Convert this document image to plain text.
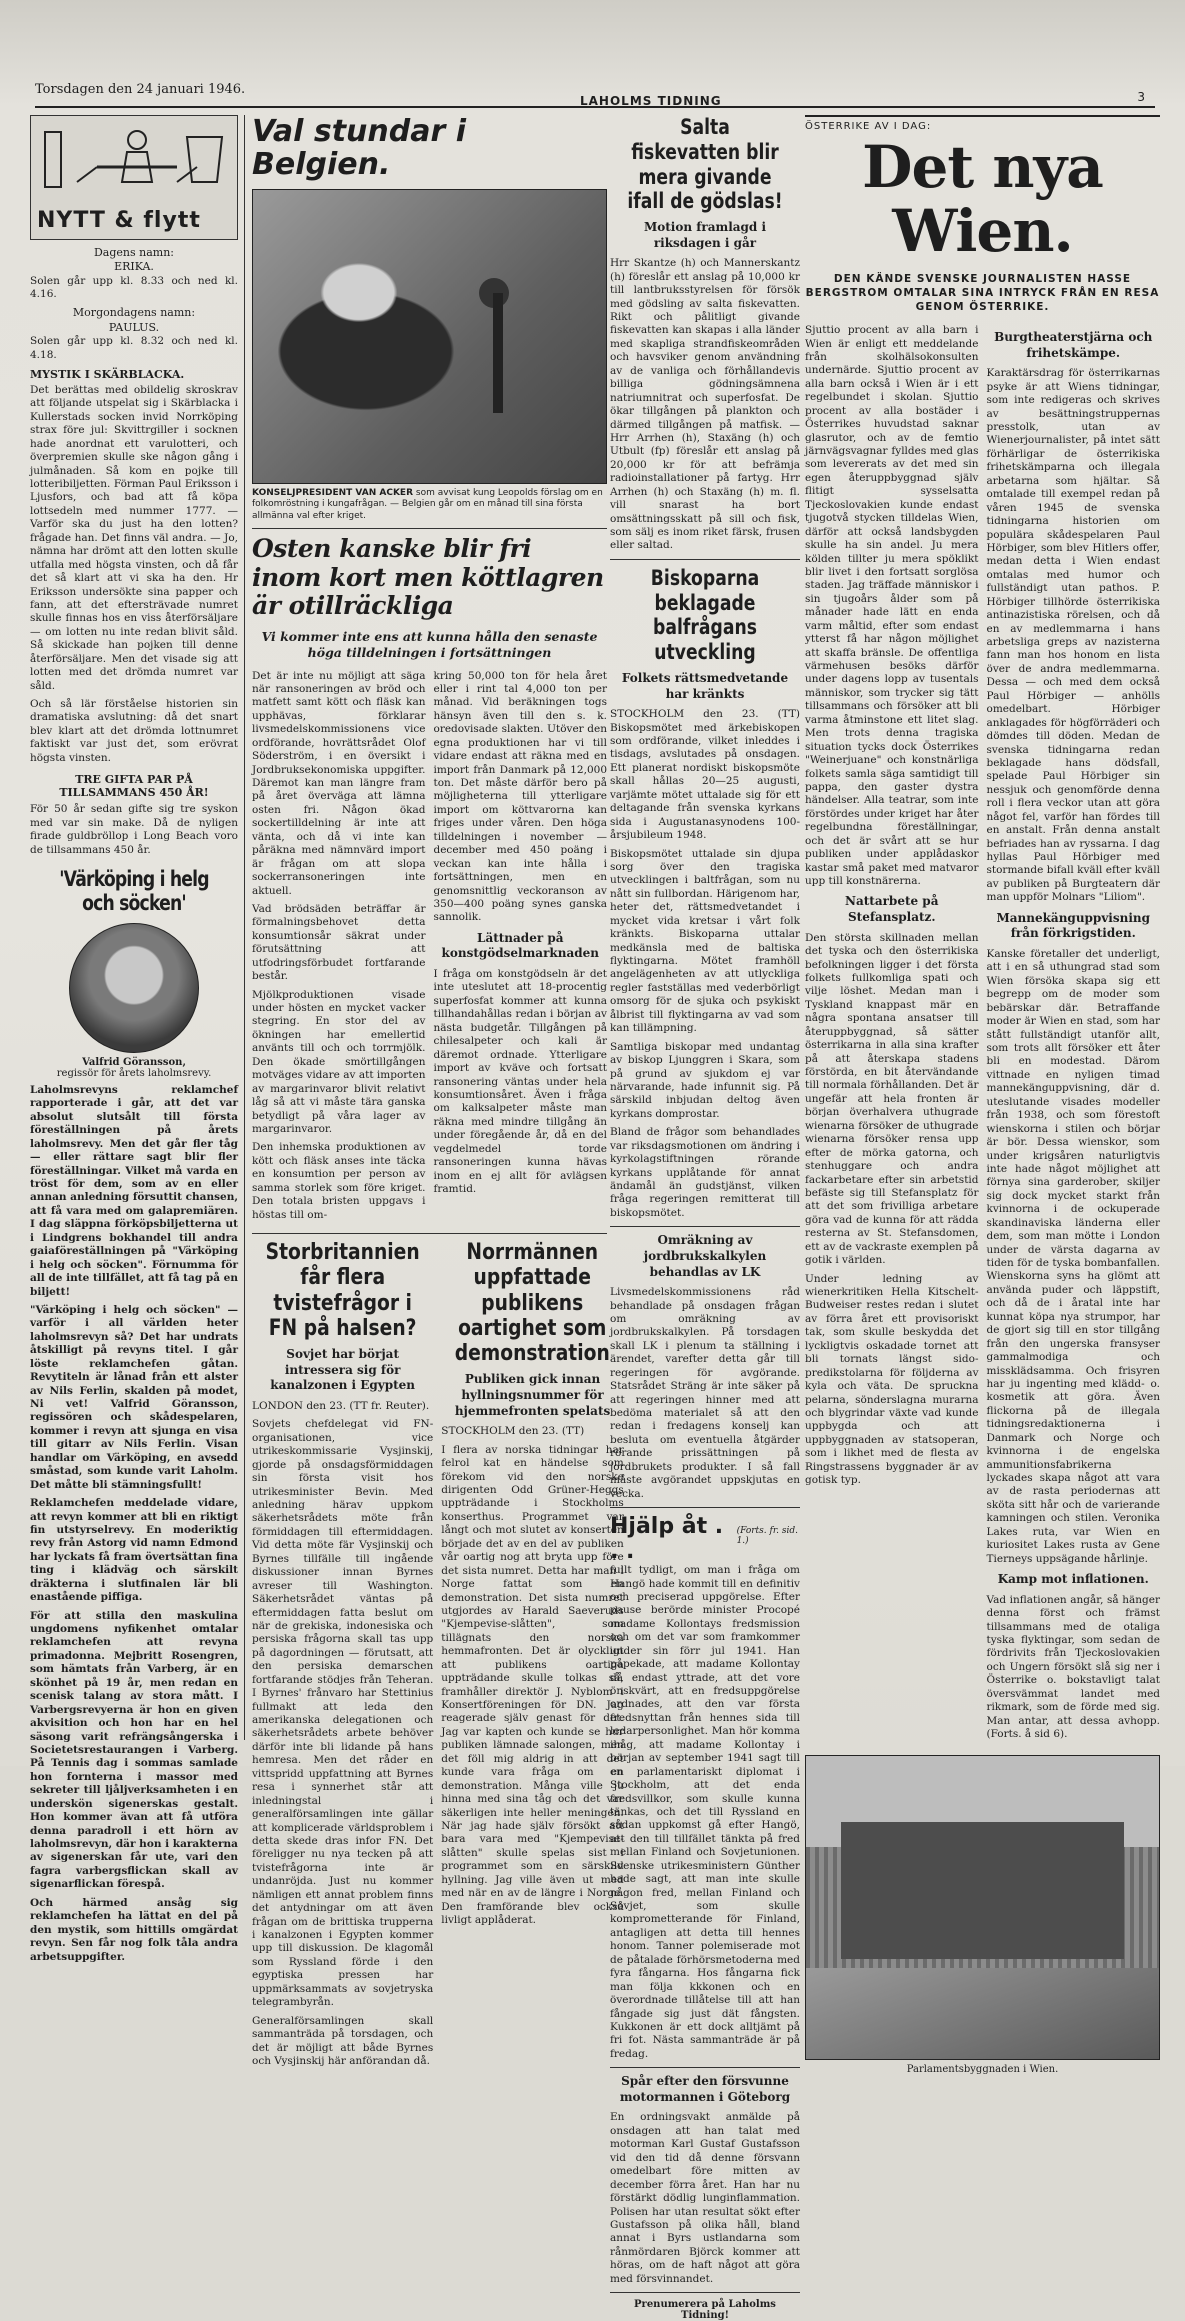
Torsdagen den 24 januari 1946.
LAHOLMS TIDNING	3
NYTT & flytt
Dagens namn:
ERIKA.

Solen går upp kl. 8.33 och ned kl. 4.16.

Morgondagens namn:
PAULUS.

Solen går upp kl. 8.32 och ned kl. 4.18.

MYSTIK I SKÄRBLACKA.

Det berättas med obildelig skroskrav att följande utspelat sig i Skärblacka i Kullerstads socken invid Norrköping strax före jul: Skvittrgiller i socknen hade anordnat ett varulotteri, och överpremien skulle ske någon gång i julmånaden. Så kom en pojke till lotteribiljetten. Förman Paul Eriksson i Ljusfors, och bad att få köpa lottsedeln med nummer 1777. — Varför ska du just ha den lotten? frågade han. Det finns väl andra. — Jo, nämna har drömt att den lotten skulle utfalla med högsta vinsten, och då får det så klart att vi ska ha den. Hr Eriksson undersökte sina papper och fann, att det eftersträvade numret skulle finnas hos en viss återförsäljare — om lotten nu inte redan blivit såld. Så skickade han pojken till denne återförsäljare. Men det visade sig att lotten med det drömda numret var såld.

Och så lär förståelse historien sin dramatiska avslutning: då det snart blev klart att det drömda lottnumret faktiskt var just det, som erövrat högsta vinsten.

TRE GIFTA PAR PÅ TILLSAMMANS 450 ÅR!

För 50 år sedan gifte sig tre syskon med var sin make. Då de nyligen firade guldbröllop i Long Beach voro de tillsammans 450 år.

'Värköping i helg och söcken'
Valfrid Göransson,
regissör för årets laholmsrevy.

Laholmsrevyns reklamchef rapporterade i går, att det var absolut slutsålt till första föreställningen på årets laholmsrevy. Men det går fler tåg — eller rättare sagt blir fler föreställningar. Vilket må varda en tröst för dem, som av en eller annan anledning försuttit chansen, att få vara med om galapremiären. I dag släppna förköpsbiljetterna ut i Lindgrens bokhandel till andra gaiaföreställningen på "Värköping i helg och söcken". Förnumma för all de inte tillfället, att få tag på en biljett!

"Värköping i helg och söcken" — varför i all världen heter laholmsrevyn så? Det har undrats åtskilligt på revyns titel. I går löste reklamchefen gåtan. Revytiteln är lånad från ett alster av Nils Ferlin, skalden på modet, Ni vet! Valfrid Göransson, regissören och skådespelaren, kommer i revyn att sjunga en visa till gitarr av Nils Ferlin. Visan handlar om Värköping, en avsedd småstad, som kunde varit Laholm. Det måtte bli stämningsfullt!

Reklamchefen meddelade vidare, att revyn kommer att bli en riktigt fin utstyrselrevy. En moderiktig revy från Astorg vid namn Edmond har lyckats få fram övertsättan fina ting i klädväg och särskilt dräkterna i slutfinalen lär bli enastående piffiga.

För att stilla den maskulina ungdomens nyfikenhet omtalar reklamchefen att revyna primadonna. Mejbritt Rosengren, som hämtats från Varberg, är en skönhet på 19 år, men redan en scenisk talang av stora mått. I Varbergsrevyerna är hon en given akvisition och hon har en hel säsong varit refrängsångerska i Societetsrestaurangen i Varberg. På Tennis dag i sommas samlade hon fornterna i massor med sekreter till ljåljverksamheten i en underskön sigenerskas gestalt. Hon kommer ävan att få utföra denna paradroll i ett hörn av laholmsrevyn, där hon i karakterna av sigenerskan får ute, vari den fagra varbergsflickan skall av sigenarflickan förespå.

Och härmed ansåg sig reklamchefen ha lättat en del på den mystik, som hittills omgärdat revyn. Sen får nog folk tåla andra arbetsuppgifter.

Val stundar i Belgien.
KONSELJPRESIDENT VAN ACKER som avvisat kung Leopolds förslag om en folkomröstning i kungafrågan. — Belgien går om en månad till sina första allmänna val efter kriget.
Osten kanske blir fri inom kort men köttlagren är otillräckliga
Vi kommer inte ens att kunna hålla den senaste höga tilldelningen i fortsättningen

Det är inte nu möjligt att säga när ransoneringen av bröd och matfett samt kött och fläsk kan upphävas, förklarar livsmedelskommissionens vice ordförande, hovrättsrådet Olof Söderström, i en översikt i Jordbruksekonomiska uppgifter. Däremot kan man längre fram på året överväga att lämna osten fri. Någon ökad sockertilldelning är inte att vänta, och då vi inte kan påräkna med nämnvärd import är frågan om att slopa sockerransoneringen inte aktuell.

Vad brödsäden beträffar är förmalningsbehovet detta konsumtionsår säkrat under förutsättning att utfodringsförbudet fortfarande består.

Mjölkproduktionen visade under hösten en mycket vacker stegring. En stor del av ökningen har emellertid använts till och och torrmjölk. Den ökade smörtillgången motväges vidare av att importen av margarinvaror blivit relativt låg så att vi måste tära ganska betydligt på våra lager av margarinvaror.

Den inhemska produktionen av kött och fläsk anses inte täcka en konsumtion per person av samma storlek som före kriget. Den totala bristen uppgavs i höstas till om-

kring 50,000 ton för hela året eller i rint tal 4,000 ton per månad. Vid beräkningen togs hänsyn även till den s. k. oredovisade slakten. Utöver den egna produktionen har vi till vidare endast att räkna med en import från Danmark på 12,000 ton. Det måste därför bero på möjligheterna till ytterligare import om köttvarorna kan friges under våren. Den höga tilldelningen i november —december med 450 poäng i veckan kan inte hålla i fortsättningen, men en genomsnittlig veckoranson av 350—400 poäng synes ganska sannolik.

Lättnader på konstgödselmarknaden

I fråga om konstgödseln är det inte uteslutet att 18-procentig superfosfat kommer att kunna tillhandahållas redan i början av nästa budgetår. Tillgången på chilesalpeter och kali är däremot ordnade. Ytterligare import av kväve och fortsatt ransonering väntas under hela konsumtionsåret. Även i fråga om kalksalpeter måste man räkna med mindre tillgång än under föregående år, då en del vegdelmedel torde ransoneringen kunna hävas inom en ej allt för avlägsen framtid.

Storbritannien får flera tvistefrågor i FN på halsen?
Sovjet har börjat intressera sig för kanalzonen i Egypten

LONDON den 23. (TT fr. Reuter).

Sovjets chefdelegat vid FN-organisationen, vice utrikeskommissarie Vysjinskij, gjorde på onsdagsförmiddagen sin första visit hos utrikesminister Bevin. Med anledning härav uppkom säkerhetsrådets möte från förmiddagen till eftermiddagen. Vid detta möte fär Vysjinskij och Byrnes tillfälle till ingående diskussioner innan Byrnes avreser till Washington. Säkerhetsrådet väntas på eftermiddagen fatta beslut om när de grekiska, indonesiska och persiska frågorna skall tas upp på dagordningen — förutsatt, att den persiska demarschen fortfarande stödjes från Teheran. I Byrnes' frånvaro har Stettinius fullmakt att leda den amerikanska delegationen och säkerhetsrådets arbete behöver därför inte bli lidande på hans hemresa. Men det råder en vittspridd uppfattning att Byrnes resa i synnerhet står att inledningstal i generalförsamlingen inte gällar att komplicerade världsproblem i detta skede dras infor FN. Det föreligger nu nya tecken på att tvistefrågorna inte är undanröjda. Just nu kommer nämligen ett annat problem finns det antydningar om att även frågan om de brittiska trupperna i kanalzonen i Egypten kommer upp till diskussion. De klagomål som Ryssland förde i den egyptiska pressen har uppmärksammats av sovjetryska telegrambyrån.

Generalförsamlingen skall sammanträda på torsdagen, och det är möjligt att både Byrnes och Vysjinskij här anförandan då.

Norrmännen uppfattade publikens oartighet som demonstration
Publiken gick innan hyllningsnummer för hjemmefronten spelats

STOCKHOLM den 23. (TT)

I flera av norska tidningar har felrol kat en händelse som förekom vid den norske dirigenten Odd Grüner-Heggs uppträdande i Stockholms konserthus. Programmet var långt och mot slutet av konserten började det av en del av publiken vår oartig nog att bryta upp före det sista numret. Detta har man i Norge fattat som en demonstration. Det sista numret utgjordes av Harald Saeveruds "Kjempevise-slåtten", som tillägnats den norska hemmafronten. Det är olyckligt att publikens oartiga uppträdande skulle tolkas så, framhåller direktör J. Nyblom i Konsertföreningen för DN. Jag reagerade själv genast för det. Jag var kapten och kunde se hur publiken lämnade salongen, men det föll mig aldrig in att det kunde vara fråga om en demonstration. Många ville ju hinna med sina tåg och det var säkerligen inte heller meningen. När jag hade själv försökt att bara vara med "Kjempevise-slåtten" skulle spelas sist i programmet som en särskild hyllning. Jag ville även ut med med när en av de längre i Norge. Den framförande blev också livligt applåderat.

Salta fiskevatten blir mera givande ifall de gödslas!
Motion framlagd i riksdagen i går

Hrr Skantze (h) och Mannerskantz (h) föreslår ett anslag på 10,000 kr till lantbruksstyrelsen för försök med gödsling av salta fiskevatten. Rikt och pålitligt givande fiskevatten kan skapas i alla länder med skapliga strandfiskeområden och havsviker genom användning av de vanliga och förhållandevis billiga gödningsämnena natriumnitrat och superfosfat. De ökar tillgången på plankton och därmed tillgången på matfisk. — Hrr Arrhen (h), Staxäng (h) och Utbult (fp) föreslår ett anslag på 20,000 kr för att befrämja radioinstallationer på fartyg. Hrr Arrhen (h) och Staxäng (h) m. fl. vill snarast ha bort omsättningsskatt på sill och fisk, som sälj es inom riket färsk, frusen eller saltad.

Biskoparna beklagade balfrågans utveckling
Folkets rättsmedvetande har kränkts

STOCKHOLM den 23. (TT) Biskopsmötet med ärkebiskopen som ordförande, vilket inleddes i tisdags, avslutades på onsdagen. Ett planerat nordiskt biskopsmöte skall hållas 20—25 augusti, varjämte mötet uttalade sig för ett deltagande från svenska kyrkans sida i Augustanasynodens 100-årsjubileum 1948.

Biskopsmötet uttalade sin djupa sorg över den tragiska utvecklingen i baltfrågan, som nu nått sin fullbordan. Härigenom har, heter det, rättsmedvetandet i mycket vida kretsar i vårt folk kränkts. Biskoparna uttalar medkänsla med de baltiska flyktingarna. Mötet framhöll angelägenheten av att utlyckliga regler fastställas med vederbörligt omsorg för de sjuka och psykiskt ålbrist till flyktingarna av vad som kan tillämpning.

Samtliga biskopar med undantag av biskop Ljunggren i Skara, som på grund av sjukdom ej var närvarande, hade infunnit sig. På särskild inbjudan deltog även kyrkans domprostar.

Bland de frågor som behandlades var riksdagsmotionen om ändring i kyrkolagstiftningen rörande kyrkans upplåtande för annat ändamål än gudstjänst, vilken fråga regeringen remitterat till biskopsmötet.

Omräkning av jordbrukskalkylen behandlas av LK

Livsmedelskommissionens råd behandlade på onsdagen frågan om omräkning av jordbrukskalkylen. På torsdagen skall LK i plenum ta ställning i ärendet, varefter detta går till regeringen för avgörande. Statsrådet Sträng är inte säker på att regeringen hinner med att bedöma materialet så att den redan i fredagens konselj kan besluta om eventuella åtgärder rörande prissättningen på jordbrukets produkter. I så fall måste avgörandet uppskjutas en vecka.

Hjälp åt . . .
(Forts. fr. sid. 1.)

fullt tydligt, om man i fråga om Hangö hade kommit till en definitiv och preciserad uppgörelse. Efter pause berörde minister Procopé madame Kollontays fredsmission och om det var som framkommer under sin förr jul 1941. Han påpekade, att madame Kollontay då endast yttrade, att det vore önskvärt, att en fredsuppgörelse ordnades, att den var första fredsnyttan från hennes sida till ledarpersonlighet. Man hör komma ihåg, att madame Kollontay i början av september 1941 sagt till en parlamentariskt diplomat i Stockholm, att det enda fredsvillkor, som skulle kunna tänkas, och det till Ryssland en sådan uppkomst gå efter Hangö, att den till tillfället tänkta på fred mellan Finland och Sovjetunionen. Svenske utrikesministern Günther hade sagt, att man inte skulle någon fred, mellan Finland och Sovjet, som skulle komprometterande för Finland, antagligen att detta till hennes honom. Tanner polemiserade mot de påtalade förhörsmetoderna med fyra fångarna. Hos fångarna fick man följa kkkonen och en överordnade tillåtelse till att han fångade sig just dät fångsten. Kukkonen är ett dock alltjämt på fri fot. Nästa sammanträde är på fredag.

Spår efter den försvunne motormannen i Göteborg

En ordningsvakt anmälde på onsdagen att han talat med motorman Karl Gustaf Gustafsson vid den tid då denne försvann omedelbart före mitten av december förra året. Han har nu förstärkt dödlig lunginflammation. Polisen har utan resultat sökt efter Gustafsson på olika håll, bland annat i Byrs ustlandarna som rånmördaren Björck kommer att höras, om de haft något att göra med försvinnandet.

Prenumerera på Laholms Tidning!
ÖSTERRIKE AV I DAG:
Det nya Wien.
DEN KÄNDE SVENSKE JOURNALISTEN HASSE BERGSTROM OMTALAR SINA INTRYCK FRÅN EN RESA GENOM ÖSTERRIKE.

Sjuttio procent av alla barn i Wien är enligt ett meddelande från skolhälsokonsulten undernärde. Sjuttio procent av alla barn också i Wien är i ett regelbundet i skolan. Sjuttio procent av alla bostäder i Österrikes huvudstad saknar glasrutor, och av de femtio järnvägsvagnar fylldes med glas som levererats av det med sin egen återuppbyggnad själv flitigt sysselsatta Tjeckoslovakien kunde endast tjugotvå stycken tilldelas Wien, därför att också landsbygden skulle ha sin andel. Ju mera kölden tillter ju mera spöklikt blir livet i den fortsatt sorglösa staden. Jag träffade människor i sin tjugoårs ålder som på månader hade lätt en enda varm måltid, efter som endast ytterst få har någon möjlighet att skaffa bränsle. De offentliga värmehusen besöks därför under dagens lopp av tusentals människor, som trycker sig tätt tillsammans och försöker att bli varma åtminstone ett litet slag. Men trots denna tragiska situation tycks dock Österrikes "Weinerjuane" och konstnärliga folkets samla säga samtidigt till pappa, den gaster dystra händelser. Alla teatrar, som inte förstördes under kriget har åter regelbundna föreställningar, och det är svårt att se hur publiken under applådaskor kastar små paket med matvaror upp till konstnärerna.

Nattarbete på Stefansplatz.

Den största skillnaden mellan det tyska och den österrikiska befolkningen ligger i det första folkets fullkomliga spati och vilje löshet. Medan man i Tyskland knappast mär en några spontana ansatser till återuppbyggnad, så sätter österrikarna in alla sina krafter på att återskapa stadens förstörda, en bit återvändande till normala förhållanden. Det är ungefär att hela fronten är början överhalvera uthugrade wienarna försöker de uthugrade wienarna försöker rensa upp efter de mörka gatorna, och stenhuggare och andra fackarbetare efter sin arbetstid befäste sig till Stefansplatz för att det som frivilliga arbetare göra vad de kunna för att rädda resterna av St. Stefansdomen, ett av de vackraste exemplen på gotik i världen.

Under ledning av wienerkritiken Hella Kitschelt-Budweiser restes redan i slutet av förra året ett provisoriskt tak, som skulle beskydda det lyckligtvis oskadade tornet att bli tornats längst sido-predikstolarna för följderna av kyla och väta. De spruckna pelarna, sönderslagna murarna och blygrindar växte vad kunde uppbygda och att uppbyggnaden av statsoperan, som i likhet med de flesta av Ringstrassens byggnader är av gotisk typ.

Burgtheaterstjärna och frihetskämpe.

Karaktärsdrag för österrikarnas psyke är att Wiens tidningar, som inte redigeras och skrives av besättningstruppernas presstolk, utan av Wienerjournalister, på intet sätt förhärligar de österrikiska frihetskämparna och illegala arbetarna som hjältar. Så omtalade till exempel redan på våren 1945 de svenska tidningarna historien om populära skådespelaren Paul Hörbiger, som blev Hitlers offer, medan detta i Wien endast omtalas med humor och fullständigt utan pathos. P. Hörbiger tillhörde österrikiska antinazistiska rörelsen, och då en av medlemmarna i hans arbetsliga greps av nazisterna fann man hos honom en lista över de andra medlemmarna. Dessa — och med dem också Paul Hörbiger — anhölls omedelbart. Hörbiger anklagades för högförräderi och dömdes till döden. Medan de svenska tidningarna redan beklagade hans dödsfall, spelade Paul Hörbiger sin nessjuk och genomförde denna roll i flera veckor utan att göra något fel, varför han fördes till en anstalt. Från denna anstalt befriades han av ryssarna. I dag hyllas Paul Hörbiger med stormande bifall kväll efter kväll av publiken på Burgteatern där man uppför Molnars "Liliom".

Mannekänguppvisning från förkrigstiden.

Kanske företaller det underligt, att i en så uthungrad stad som Wien försöka skapa sig ett begrepp om de moder som bebärskar där. Betraffande moder är Wien en stad, som har stått fullständigt utanför allt, som trots allt försöker ett åter bli en modestad. Därom vittnade en nyligen timad mannekänguppvisning, där d. uteslutande visades modeller från 1938, och som förestoft wienskorna i stilen och börjar är bör. Dessa wienskor, som under krigsåren naturligtvis inte hade något möjlighet att förnya sina garderober, skiljer sig dock mycket starkt från kvinnorna i de ockuperade skandinaviska länderna eller dem, som man mötte i London under de värsta dagarna av tiden för de tyska bombanfallen. Wienskorna syns ha glömt att använda puder och läppstift, och då de i åratal inte har kunnat köpa nya strumpor, har de gjort sig till en stor tillgång från den ungerska fransyser gammalmodiga och missklädsamma. Och frisyren har ju ingenting med klädd- o. kosmetik att göra. Även flickorna på de illegala tidningsredaktionerna i Danmark och Norge och kvinnorna i de engelska ammunitionsfabrikerna lyckades skapa något att vara av de rasta periodernas att sköta sitt hår och de varierande kamningen och stilen. Veronika Lakes ruta, var Wien en kuriositet Lakes rusta av Gene Tierneys uppsägande hårlinje.

Kamp mot inflationen.

Vad inflationen angår, så hänger denna först och främst tillsammans med de otaliga tyska flyktingar, som sedan de fördrivits från Tjeckoslovakien och Ungern försökt slå sig ner i Österrike o. bokstavligt talat översvämmat landet med rikmark, som de förde med sig. Man antar, att dessa avhopp. (Forts. å sid 6).

Parlamentsbyggnaden i Wien.
